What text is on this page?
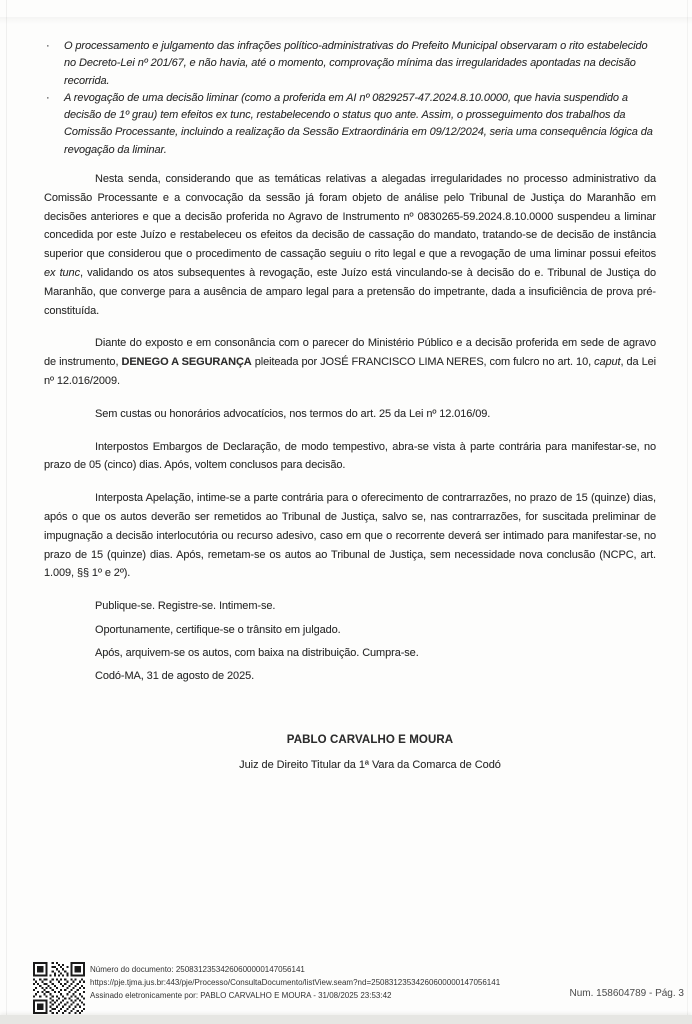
· O processamento e julgamento das infrações político-administrativas do Prefeito Municipal observaram o rito estabelecido no Decreto-Lei nº 201/67, e não havia, até o momento, comprovação mínima das irregularidades apontadas na decisão recorrida.

· A revogação de uma decisão liminar (como a proferida em AI nº 0829257-47.2024.8.10.0000, que havia suspendido a decisão de 1º grau) tem efeitos ex tunc, restabelecendo o status quo ante. Assim, o prosseguimento dos trabalhos da Comissão Processante, incluindo a realização da Sessão Extraordinária em 09/12/2024, seria uma consequência lógica da revogação da liminar.

Nesta senda, considerando que as temáticas relativas a alegadas irregularidades no processo administrativo da Comissão Processante e a convocação da sessão já foram objeto de análise pelo Tribunal de Justiça do Maranhão em decisões anteriores e que a decisão proferida no Agravo de Instrumento nº 0830265-59.2024.8.10.0000 suspendeu a liminar concedida por este Juízo e restabeleceu os efeitos da decisão de cassação do mandato, tratando-se de decisão de instância superior que considerou que o procedimento de cassação seguiu o rito legal e que a revogação de uma liminar possui efeitos ex tunc, validando os atos subsequentes à revogação, este Juízo está vinculando-se à decisão do e. Tribunal de Justiça do Maranhão, que converge para a ausência de amparo legal para a pretensão do impetrante, dada a insuficiência de prova pré-constituída.

Diante do exposto e em consonância com o parecer do Ministério Público e a decisão proferida em sede de agravo de instrumento, DENEGO A SEGURANÇA pleiteada por JOSÉ FRANCISCO LIMA NERES, com fulcro no art. 10, caput, da Lei nº 12.016/2009.

Sem custas ou honorários advocatícios, nos termos do art. 25 da Lei nº 12.016/09.

Interpostos Embargos de Declaração, de modo tempestivo, abra-se vista à parte contrária para manifestar-se, no prazo de 05 (cinco) dias. Após, voltem conclusos para decisão.

Interposta Apelação, intime-se a parte contrária para o oferecimento de contrarrazões, no prazo de 15 (quinze) dias, após o que os autos deverão ser remetidos ao Tribunal de Justiça, salvo se, nas contrarrazões, for suscitada preliminar de impugnação a decisão interlocutória ou recurso adesivo, caso em que o recorrente deverá ser intimado para manifestar-se, no prazo de 15 (quinze) dias. Após, remetam-se os autos ao Tribunal de Justiça, sem necessidade nova conclusão (NCPC, art. 1.009, §§ 1º e 2º).

Publique-se. Registre-se. Intimem-se.

Oportunamente, certifique-se o trânsito em julgado.

Após, arquivem-se os autos, com baixa na distribuição. Cumpra-se.

Codó-MA, 31 de agosto de 2025.

PABLO CARVALHO E MOURA

Juiz de Direito Titular da 1ª Vara da Comarca de Codó

Número do documento: 25083123534260600000147056141
https://pje.tjma.jus.br:443/pje/Processo/ConsultaDocumento/listView.seam?nd=25083123534260600000147056141
Assinado eletronicamente por: PABLO CARVALHO E MOURA - 31/08/2025 23:53:42	Num. 158604789 - Pág. 3
